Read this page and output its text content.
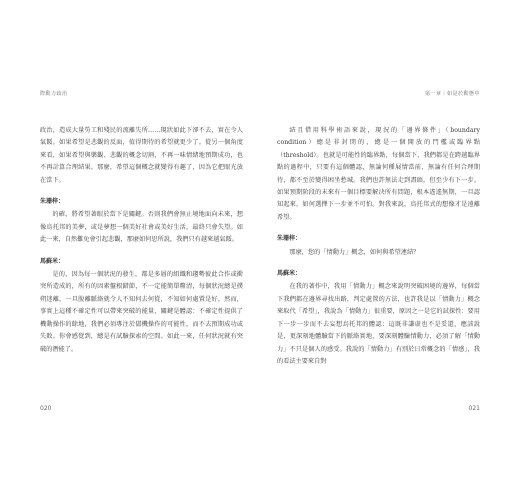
際動力政治

政治，造成大量勞工和殘民的流離失所……現狀如此下卻不去，實在令人氣餒。如果希望是悲觀的反面，值得期待的希望就更少了。從另一個角度來看，如果希望與樂觀、悲觀的概念切割，不再一味情緒地預期成功，也不再計算合理結果。那麼，希望這個概念就變得有趣了，因為它把眼光放在當下。

朱珊梓：

的確，將希望著眼於當下是關鍵。否則我們會無止境地面向未來，想像烏托邦的美夢，或是夢想一個美好社會或美好生活，最終只會失望。如此一來，自然難免會引起悲觀，那麼如何思所說，我們只有越來越氣餒。

馬蘇米：

是的，因為每一個狀況的發生，都是多層的組織和趨勢彼此合作或衝突所造成的，所有的因素盤根錯節，不一定能簡單釐清，每個狀況總是撲朔迷離，一旦脫離脈絡就令人不知何去何從，不知如何處置是好。然而，事實上這種不確定性可以帶來突破的能量，關鍵是體認：不確定性提供了機動操作的餘地，我們必須專注於儘機操作的可能性，而不去預期成功或失敗。你會感覺到，總是有試驗探索的空間。如此一來，任何狀況就有突破的潛能了。

020
第一章｜如是於動態中

結且借用科學術語來說，現況的「邊界條件」（boundary condition）總是非封閉的，總是一個開放的門檻或臨界點（threshold）。也就是可能性的臨界點，每個當下，我們都是在跨越臨界點的過程中，只要有這個體認，無論何種展情當前，無論有任何合理期待，都不至於變得困坐愁城。我們也許無法走到盡頭，但至少有下一步。如果預期阶段的未來有一個目標要解決所有問題，根本遙遙無期，一旦認知起來，如何選擇下一步並不可怕。對我來說，烏托邦式的想像才是遠離希望。

朱珊梓：

那麼，您的「情動力」概念，如何與希望連結？

馬蘇米：

在我的著作中，我用「情動力」概念來說明突破困境的邊界，每個當下我們都在邊界尋找出路，判定處置的方法，也許我是以「情動力」概念來取代「希望」，我說為「情動力」很重要，原因之一是它的試探性：要用下一步一步而不去妄想烏托邦的體認：這既非謙虛也不是妥還，應該說是，更深刻地體驗當下的脈絡實地，要深刻體驗情動力，必須了解「情動力」不只是個人的感受。我說的「情動力」有別於日常概念的「情感」，我的看法主要來自對

021
